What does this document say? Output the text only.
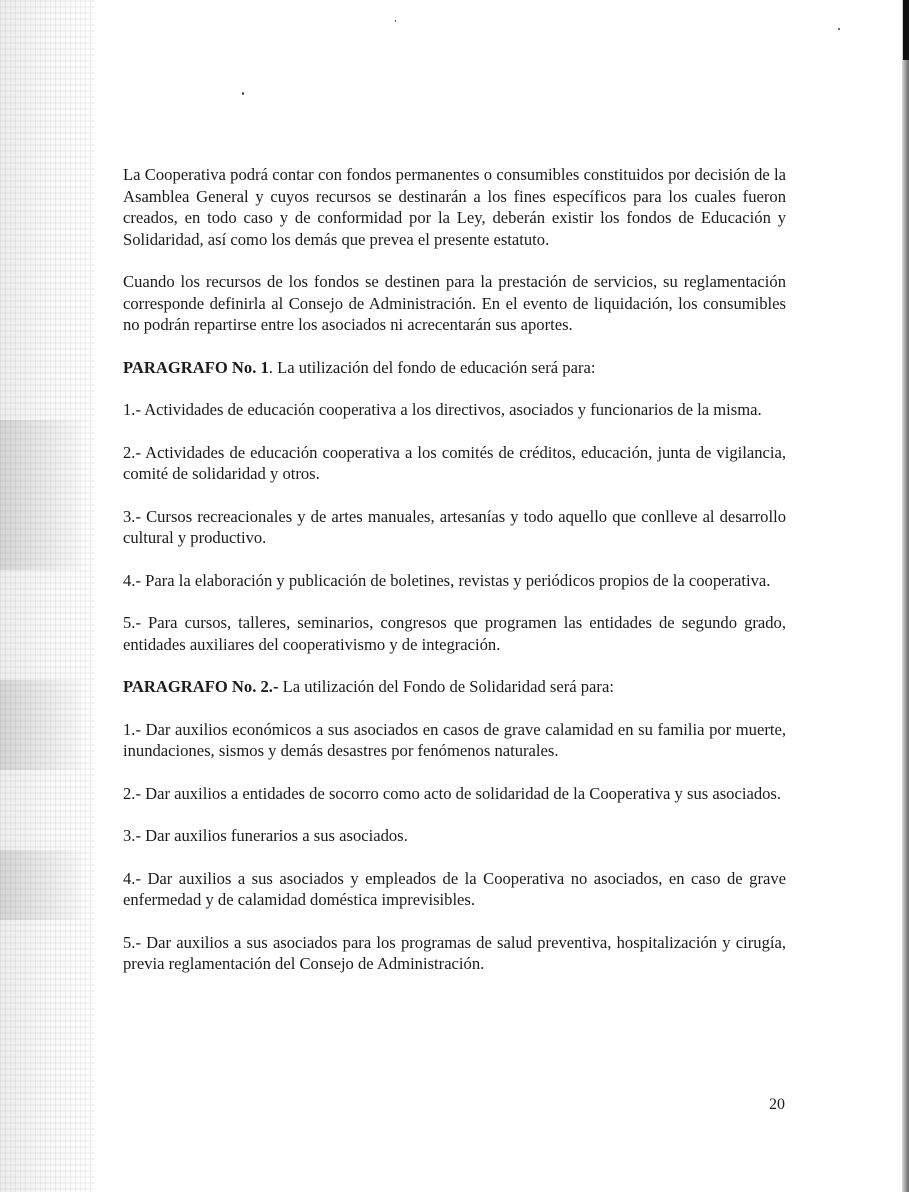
La Cooperativa podrá contar con fondos permanentes o consumibles constituidos por decisión de la Asamblea General y cuyos recursos se destinarán a los fines específicos para los cuales fueron creados, en todo caso y de conformidad por la Ley, deberán existir los fondos de Educación y Solidaridad, así como los demás que prevea el presente estatuto.

Cuando los recursos de los fondos se destinen para la prestación de servicios, su reglamentación corresponde definirla al Consejo de Administración. En el evento de liquidación, los consumibles no podrán repartirse entre los asociados ni acrecentarán sus aportes.

PARAGRAFO No. 1. La utilización del fondo de educación será para:

1.- Actividades de educación cooperativa a los directivos, asociados y funcionarios de la misma.

2.- Actividades de educación cooperativa a los comités de créditos, educación, junta de vigilancia, comité de solidaridad y otros.

3.- Cursos recreacionales y de artes manuales, artesanías y todo aquello que conlleve al desarrollo cultural y productivo.

4.- Para la elaboración y publicación de boletines, revistas y periódicos propios de la cooperativa.

5.- Para cursos, talleres, seminarios, congresos que programen las entidades de segundo grado, entidades auxiliares del cooperativismo y de integración.

PARAGRAFO No. 2.- La utilización del Fondo de Solidaridad será para:

1.- Dar auxilios económicos a sus asociados en casos de grave calamidad en su familia por muerte, inundaciones, sismos y demás desastres por fenómenos naturales.

2.- Dar auxilios a entidades de socorro como acto de solidaridad de la Cooperativa y sus asociados.

3.- Dar auxilios funerarios a sus asociados.

4.- Dar auxilios a sus asociados y empleados de la Cooperativa no asociados, en caso de grave enfermedad y de calamidad doméstica imprevisibles.

5.- Dar auxilios a sus asociados para los programas de salud preventiva, hospitalización y cirugía, previa reglamentación del Consejo de Administración.

20
